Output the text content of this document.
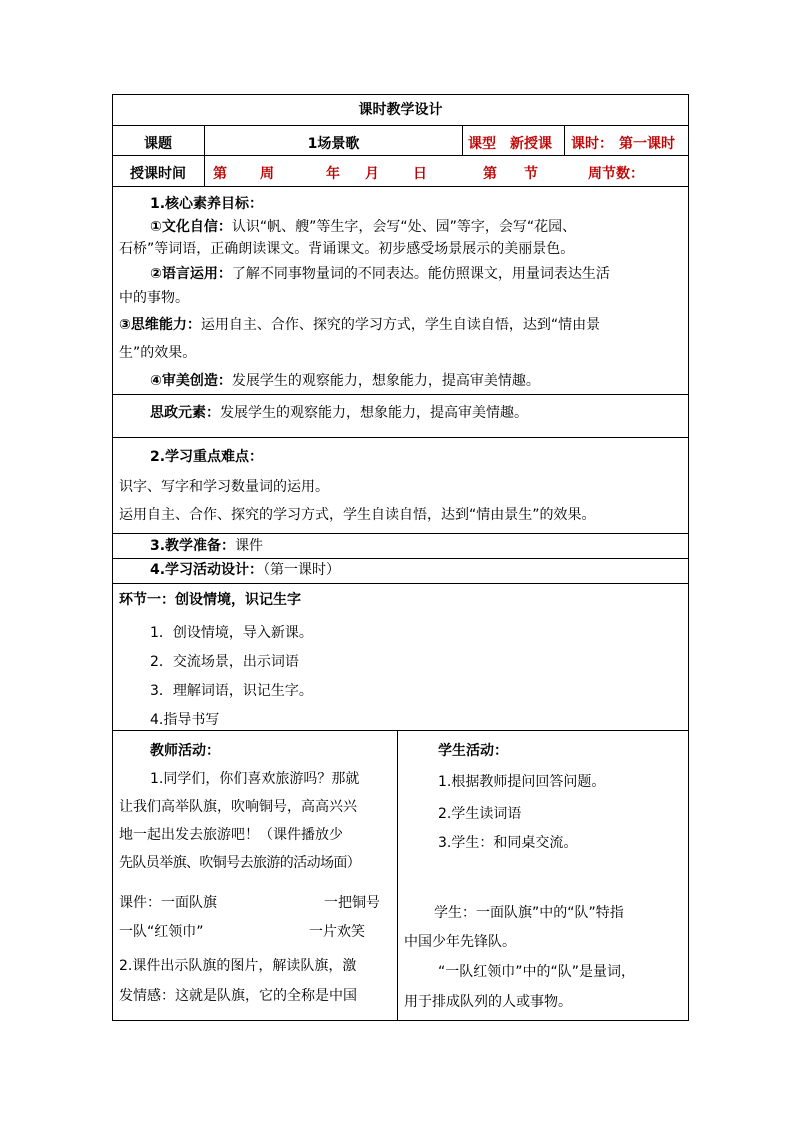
课时教学设计
课题	1场景歌	课型 新授课 课时： 第一课时
授课时间	第 周	年 月 日	第 节	周节数：
1.核心素养目标：
①文化自信：认识“帆、艘”等生字，会写“处、园”等字，会写“花园、
石桥”等词语，正确朗读课文。背诵课文。初步感受场景展示的美丽景色。
②语言运用：了解不同事物量词的不同表达。能仿照课文，用量词表达生活
中的事物。
③思维能力：运用自主、合作、探究的学习方式，学生自读自悟，达到“情由景
生”的效果。
④审美创造：发展学生的观察能力，想象能力，提高审美情趣。
思政元素：发展学生的观察能力，想象能力，提高审美情趣。
2.学习重点难点：
识字、写字和学习数量词的运用。
运用自主、合作、探究的学习方式，学生自读自悟，达到“情由景生”的效果。
3.教学准备：课件
4.学习活动设计：（第一课时）
环节一：创设情境，识记生字
1．创设情境，导入新课。
2．交流场景，出示词语
3．理解词语，识记生字。
4.指导书写
教师活动：
1.同学们，你们喜欢旅游吗？那就
让我们高举队旗，吹响铜号，高高兴兴
地一起出发去旅游吧！（课件播放少
先队员举旗、吹铜号去旅游的活动场面）
课件：一面队旗	一把铜号
一队“红领巾”	一片欢笑
2.课件出示队旗的图片，解读队旗，激
发情感：这就是队旗，它的全称是中国
学生活动：
1.根据教师提问回答问题。
2.学生读词语
3.学生：和同桌交流。
学生：一面队旗”中的“队”特指
中国少年先锋队。
“一队红领巾”中的“队”是量词，
用于排成队列的人或事物。
